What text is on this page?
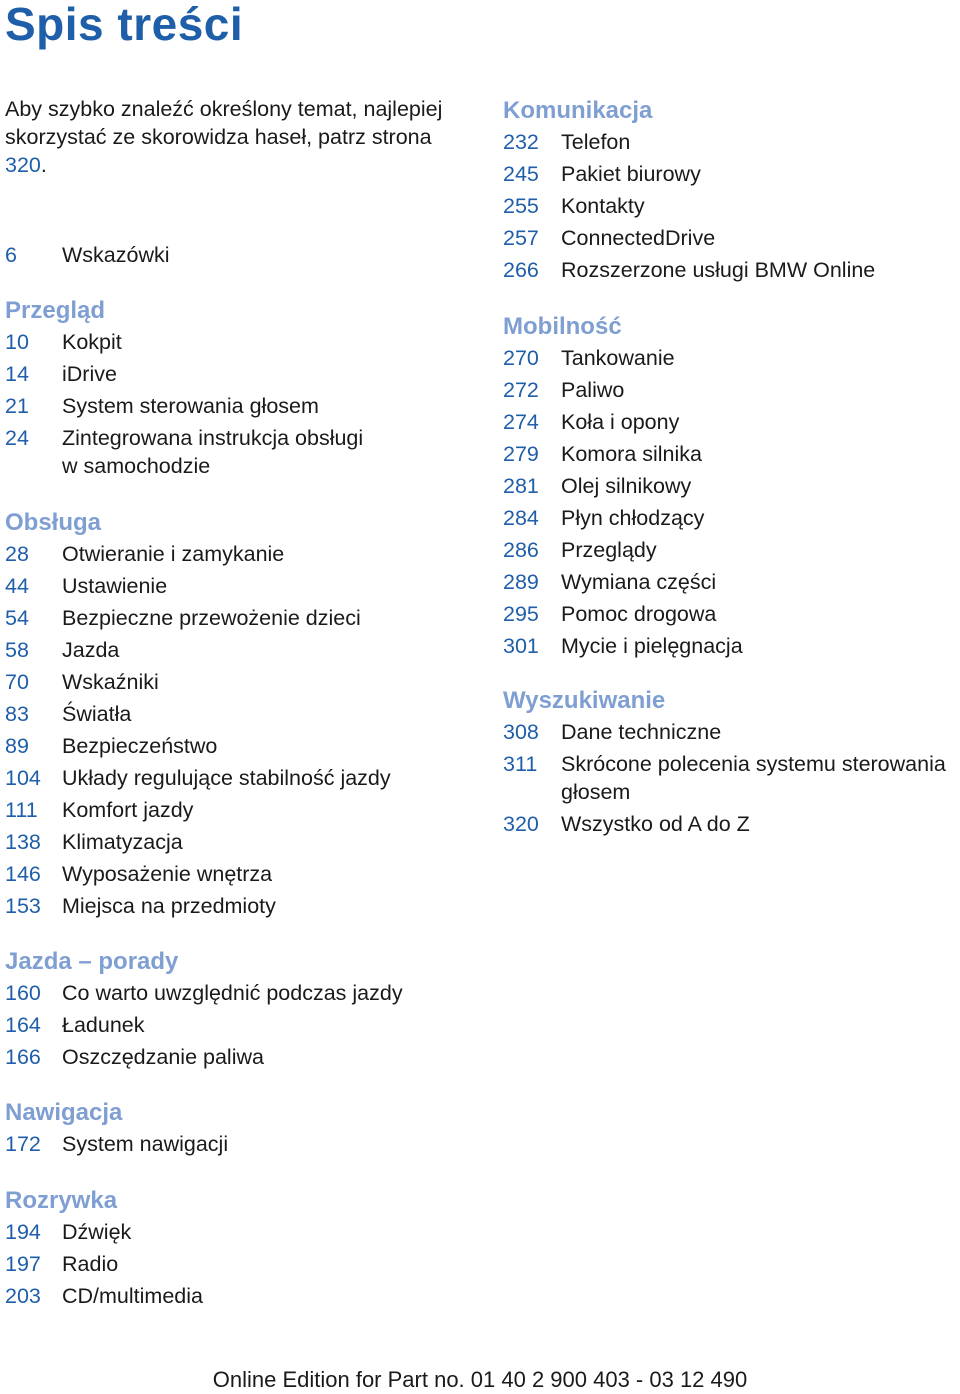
Spis treści

Aby szybko znaleźć określony temat, najlepiej skorzystać ze skorowidza haseł, patrz strona 320.

6	Wskazówki
Przegląd
10	Kokpit
14	iDrive
21	System sterowania głosem
24	Zintegrowana instrukcja obsługi w samochodzie
Obsługa
28	Otwieranie i zamykanie
44	Ustawienie
54	Bezpieczne przewożenie dzieci
58	Jazda
70	Wskaźniki
83	Światła
89	Bezpieczeństwo
104 Układy regulujące stabilność jazdy
111	Komfort jazdy
138 Klimatyzacja
146 Wyposażenie wnętrza
153 Miejsca na przedmioty
Jazda – porady
160 Co warto uwzględnić podczas jazdy
164 Ładunek
166 Oszczędzanie paliwa
Nawigacja
172 System nawigacji
Rozrywka
194 Dźwięk
197 Radio
203 CD/multimedia
Komunikacja
232	Telefon
245	Pakiet biurowy
255	Kontakty
257	ConnectedDrive
266	Rozszerzone usługi BMW Online
Mobilność
270	Tankowanie
272	Paliwo
274	Koła i opony
279	Komora silnika
281	Olej silnikowy
284	Płyn chłodzący
286	Przeglądy
289	Wymiana części
295	Pomoc drogowa
301	Mycie i pielęgnacja
Wyszukiwanie
308	Dane techniczne
311	Skrócone polecenia systemu sterowania głosem
320	Wszystko od A do Z
Online Edition for Part no. 01 40 2 900 403 - 03 12 490
